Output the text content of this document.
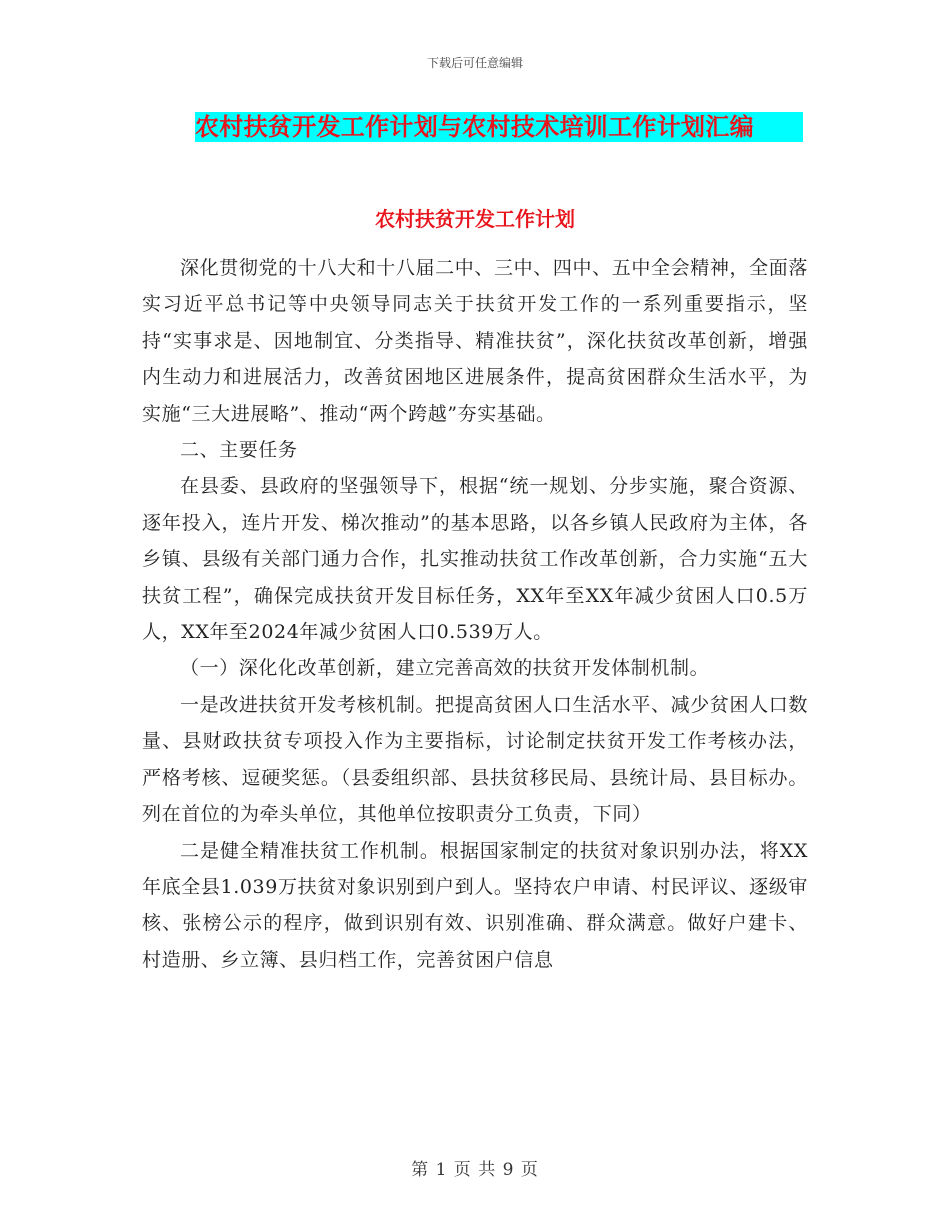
下载后可任意编辑
农村扶贫开发工作计划与农村技术培训工作计划汇编
农村扶贫开发工作计划

深化贯彻党的十八大和十八届二中、三中、四中、五中全会精神，全面落实习近平总书记等中央领导同志关于扶贫开发工作的一系列重要指示，坚持“实事求是、因地制宜、分类指导、精准扶贫”，深化扶贫改革创新，增强内生动力和进展活力，改善贫困地区进展条件，提高贫困群众生活水平，为实施“三大进展略”、推动“两个跨越”夯实基础。

二、主要任务

在县委、县政府的坚强领导下，根据“统一规划、分步实施，聚合资源、逐年投入，连片开发、梯次推动”的基本思路，以各乡镇人民政府为主体，各乡镇、县级有关部门通力合作，扎实推动扶贫工作改革创新，合力实施“五大扶贫工程”，确保完成扶贫开发目标任务，XX年至XX年减少贫困人口0.5万人，XX年至2024年减少贫困人口0.539万人。

（一）深化化改革创新，建立完善高效的扶贫开发体制机制。

一是改进扶贫开发考核机制。把提高贫困人口生活水平、减少贫困人口数量、县财政扶贫专项投入作为主要指标，讨论制定扶贫开发工作考核办法，严格考核、逗硬奖惩。（县委组织部、县扶贫移民局、县统计局、县目标办。列在首位的为牵头单位，其他单位按职责分工负责，下同）

二是健全精准扶贫工作机制。根据国家制定的扶贫对象识别办法，将XX年底全县1.039万扶贫对象识别到户到人。坚持农户申请、村民评议、逐级审核、张榜公示的程序，做到识别有效、识别准确、群众满意。做好户建卡、村造册、乡立簿、县归档工作，完善贫困户信息

第 1 页 共 9 页
